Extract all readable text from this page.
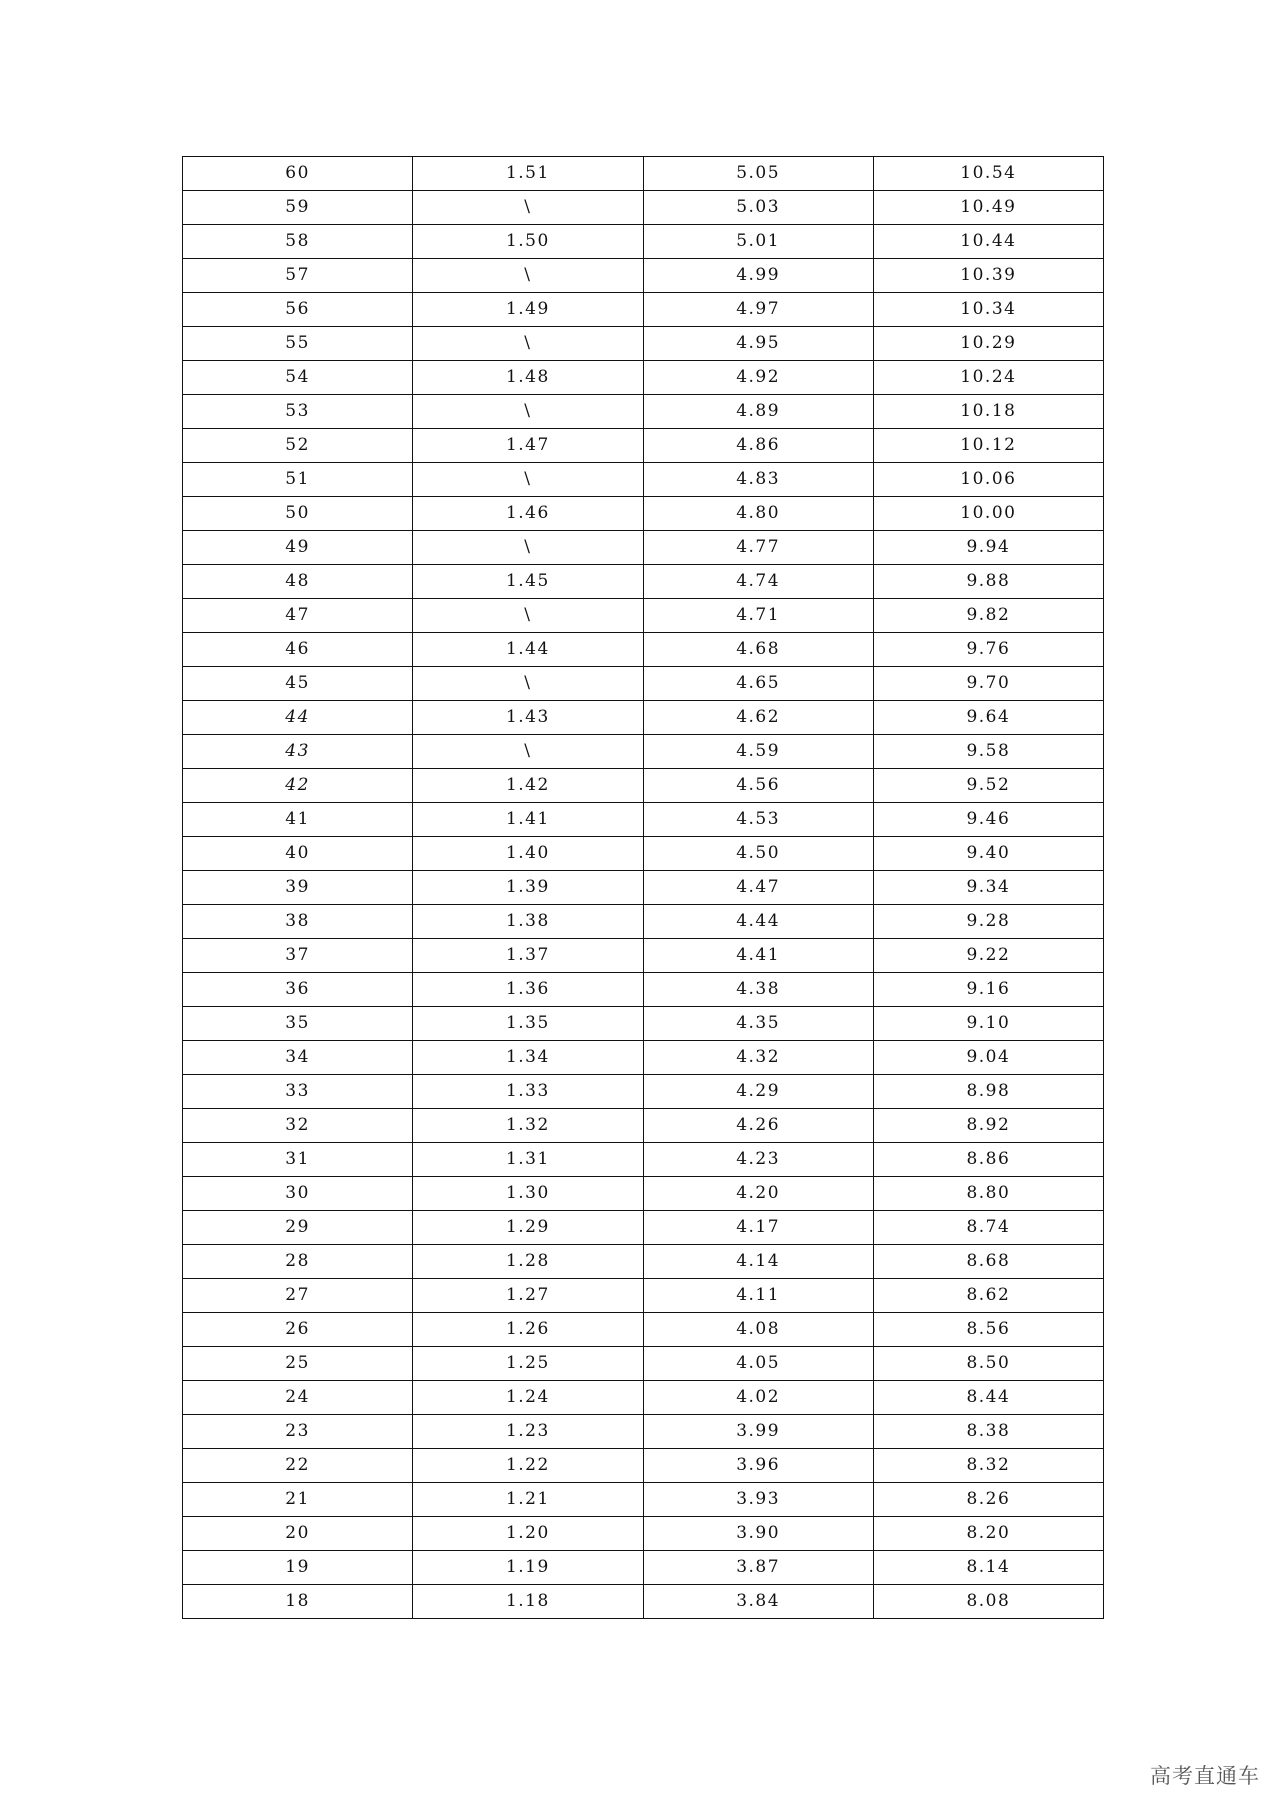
60	1.51	5.05	10.54
59	\	5.03	10.49
58	1.50	5.01	10.44
57	\	4.99	10.39
56	1.49	4.97	10.34
55	\	4.95	10.29
54	1.48	4.92	10.24
53	\	4.89	10.18
52	1.47	4.86	10.12
51	\	4.83	10.06
50	1.46	4.80	10.00
49	\	4.77	9.94
48	1.45	4.74	9.88
47	\	4.71	9.82
46	1.44	4.68	9.76
45	\	4.65	9.70
44	1.43	4.62	9.64
43	\	4.59	9.58
42	1.42	4.56	9.52
41	1.41	4.53	9.46
40	1.40	4.50	9.40
39	1.39	4.47	9.34
38	1.38	4.44	9.28
37	1.37	4.41	9.22
36	1.36	4.38	9.16
35	1.35	4.35	9.10
34	1.34	4.32	9.04
33	1.33	4.29	8.98
32	1.32	4.26	8.92
31	1.31	4.23	8.86
30	1.30	4.20	8.80
29	1.29	4.17	8.74
28	1.28	4.14	8.68
27	1.27	4.11	8.62
26	1.26	4.08	8.56
25	1.25	4.05	8.50
24	1.24	4.02	8.44
23	1.23	3.99	8.38
22	1.22	3.96	8.32
21	1.21	3.93	8.26
20	1.20	3.90	8.20
19	1.19	3.87	8.14
18	1.18	3.84	8.08
高考直通车
